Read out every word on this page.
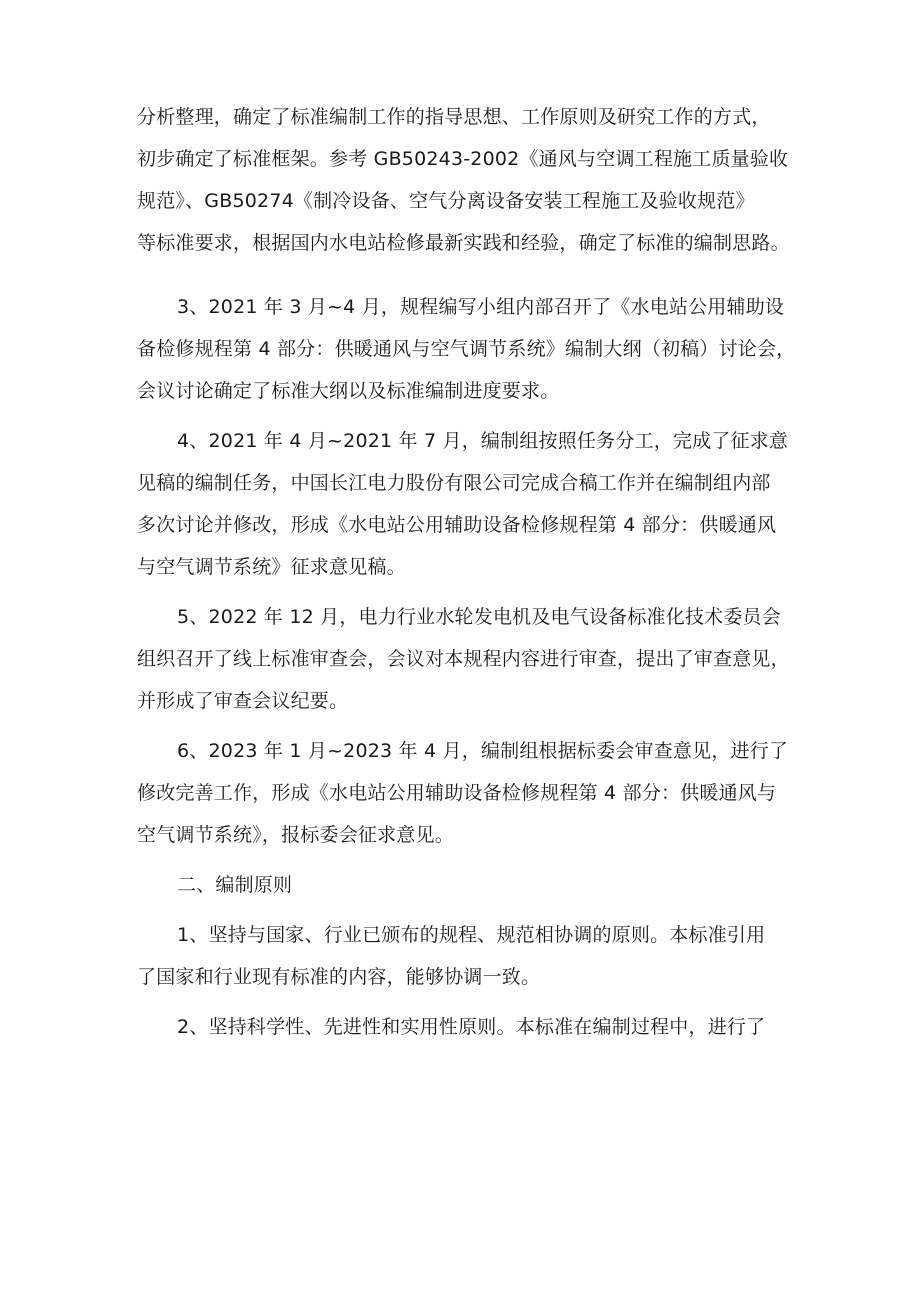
分析整理，确定了标准编制工作的指导思想、工作原则及研究工作的方式，
初步确定了标准框架。参考 GB50243-2002《通风与空调工程施工质量验收
规范》、GB50274《制冷设备、空气分离设备安装工程施工及验收规范》
等标准要求，根据国内水电站检修最新实践和经验，确定了标准的编制思路。

3、2021 年 3 月~4 月，规程编写小组内部召开了《水电站公用辅助设
备检修规程第 4 部分：供暖通风与空气调节系统》编制大纲（初稿）讨论会，
会议讨论确定了标准大纲以及标准编制进度要求。

4、2021 年 4 月~2021 年 7 月，编制组按照任务分工，完成了征求意
见稿的编制任务，中国长江电力股份有限公司完成合稿工作并在编制组内部
多次讨论并修改，形成《水电站公用辅助设备检修规程第 4 部分：供暖通风
与空气调节系统》征求意见稿。

5、2022 年 12 月，电力行业水轮发电机及电气设备标准化技术委员会
组织召开了线上标准审查会，会议对本规程内容进行审查，提出了审查意见，
并形成了审查会议纪要。

6、2023 年 1 月~2023 年 4 月，编制组根据标委会审查意见，进行了
修改完善工作，形成《水电站公用辅助设备检修规程第 4 部分：供暖通风与
空气调节系统》，报标委会征求意见。

二、编制原则

1、坚持与国家、行业已颁布的规程、规范相协调的原则。本标准引用
了国家和行业现有标准的内容，能够协调一致。

2、坚持科学性、先进性和实用性原则。本标准在编制过程中，进行了
